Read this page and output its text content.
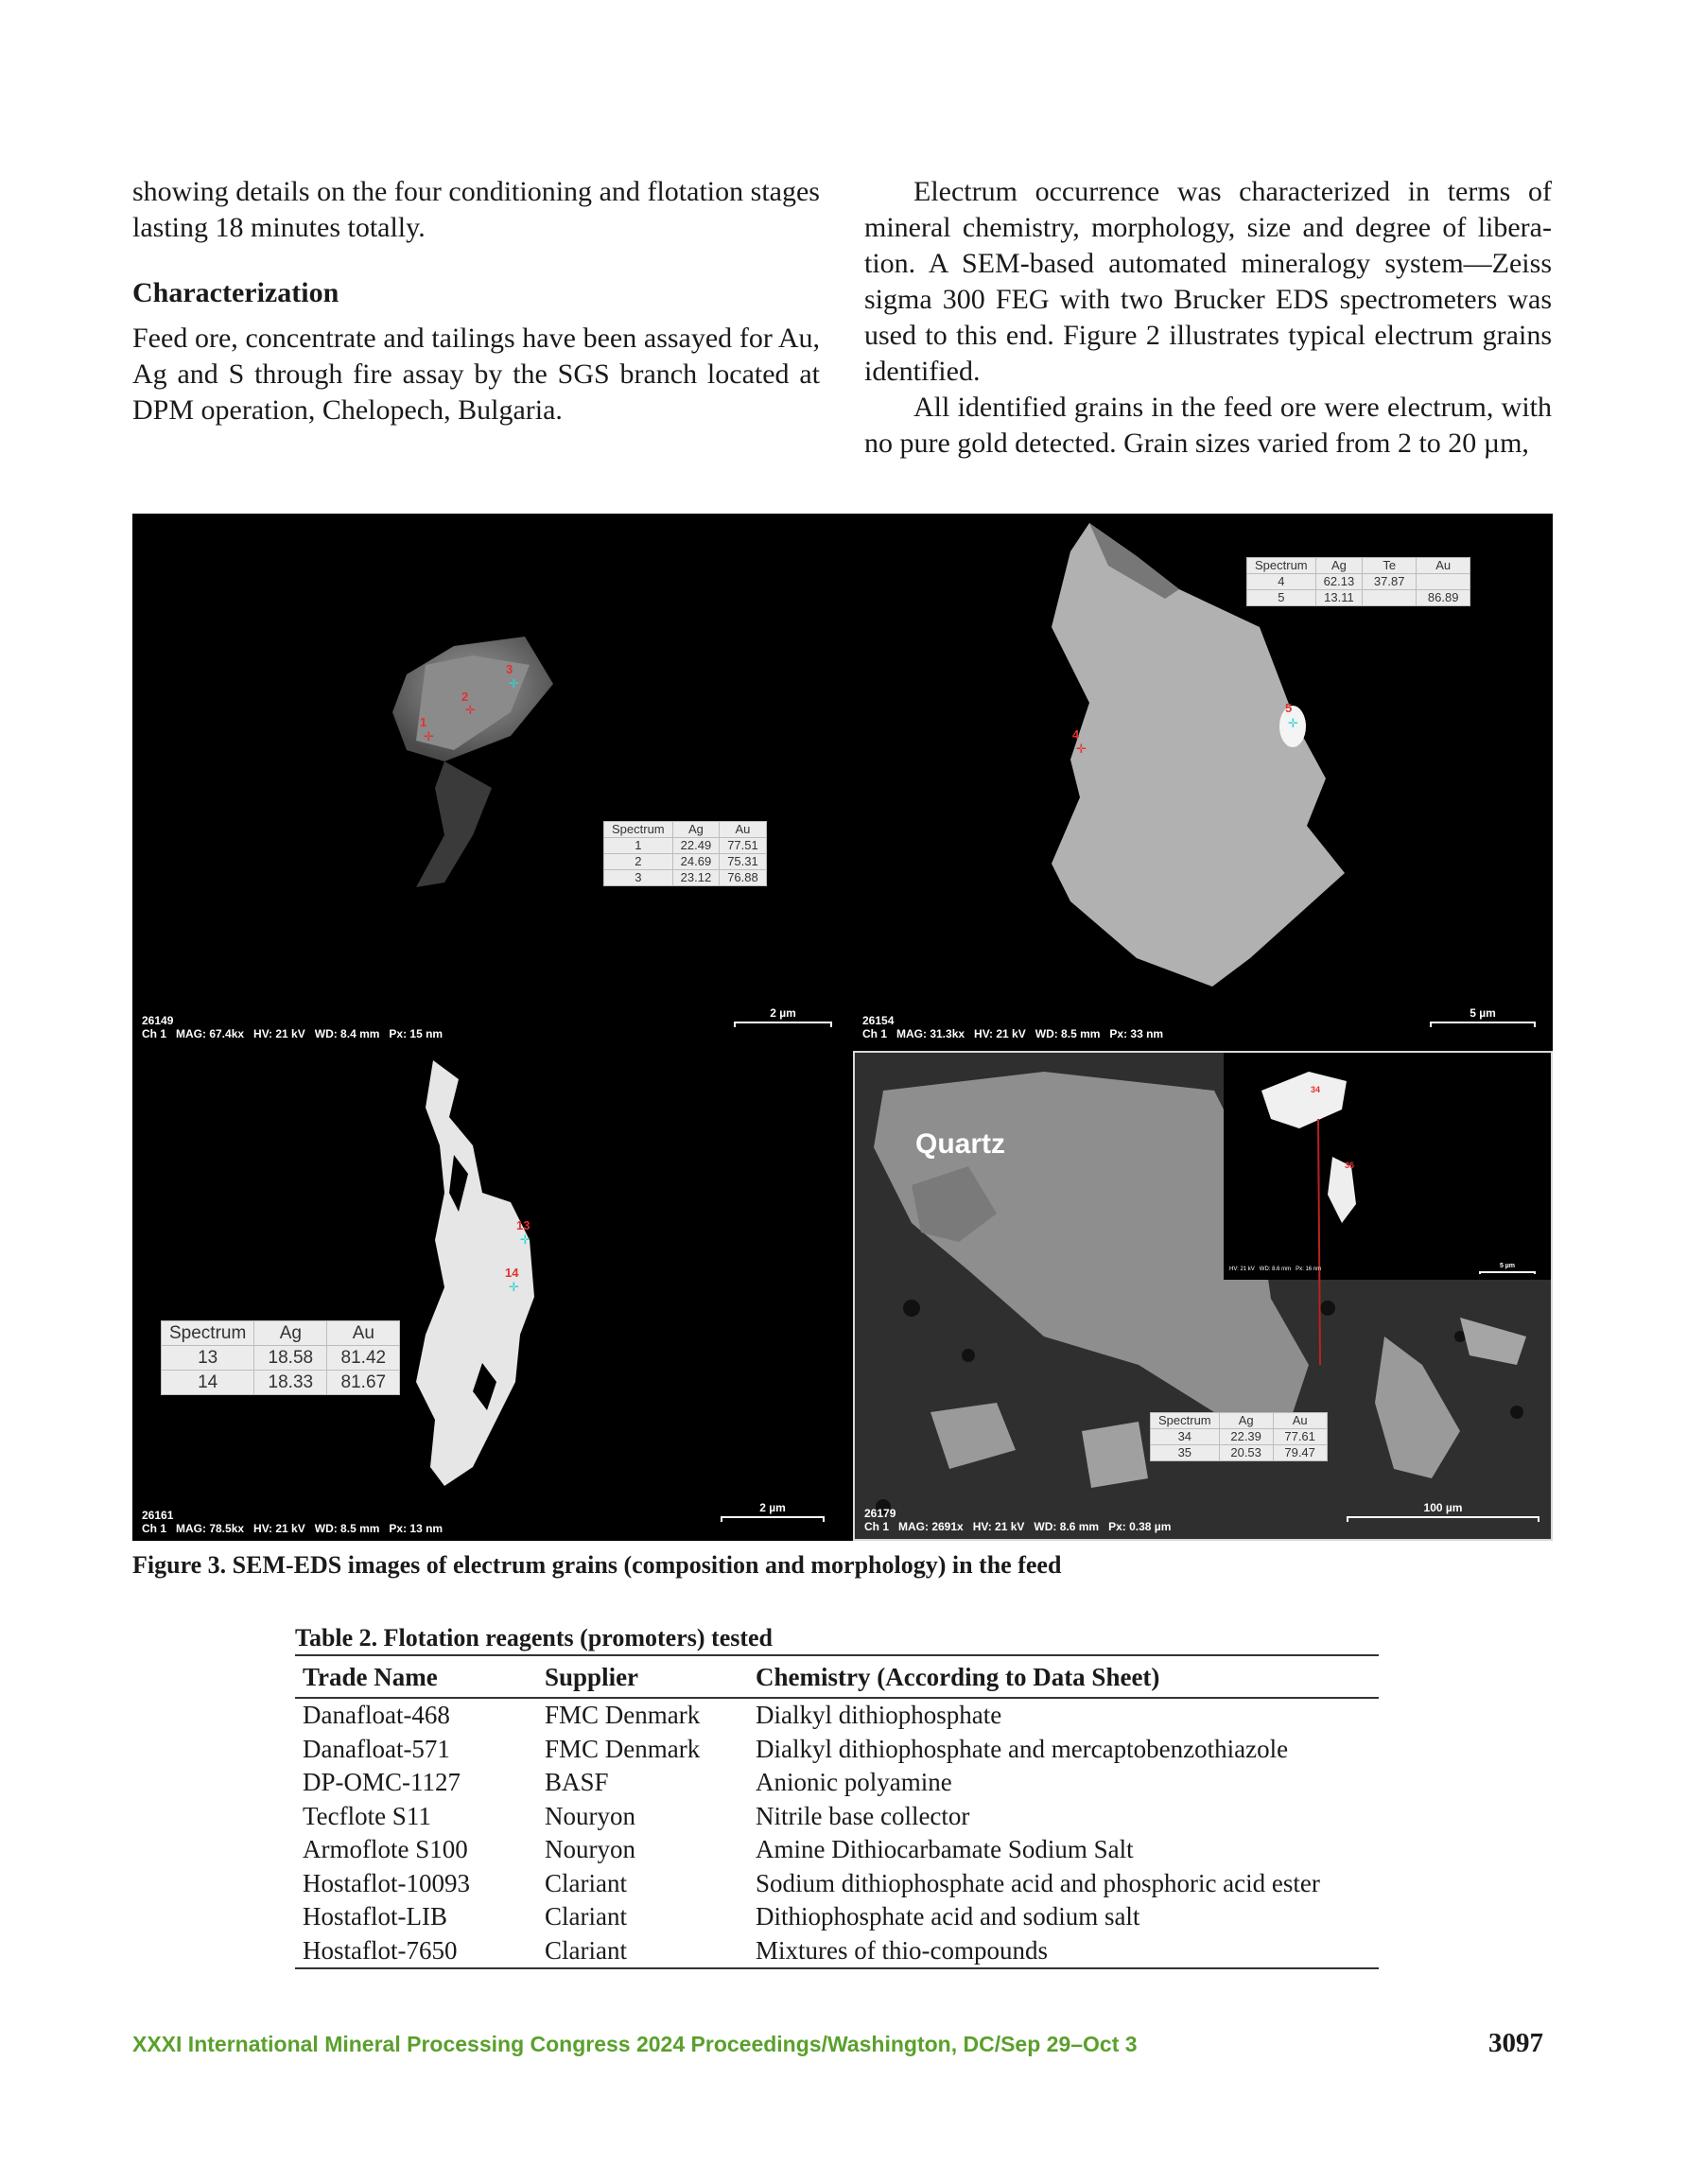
showing details on the four conditioning and flotation stages lasting 18 minutes totally.

Characterization

Feed ore, concentrate and tailings have been assayed for Au, Ag and S through fire assay by the SGS branch located at DPM operation, Chelopech, Bulgaria.

Electrum occurrence was characterized in terms of mineral chemistry, morphology, size and degree of liberation. A SEM-based automated mineralogy system—Zeiss sigma 300 FEG with two Brucker EDS spectrometers was used to this end. Figure 2 illustrates typical electrum grains identified.

All identified grains in the feed ore were electrum, with no pure gold detected. Grain sizes varied from 2 to 20 µm,

1
✛
2
✛
3
✛
Spectrum	Ag	Au
1	22.49	77.51
2	24.69	75.31
3	23.12	76.88
26149
Ch 1   MAG: 67.4kx   HV: 21 kV   WD: 8.4 mm   Px: 15 nm
2 µm
4
✛
5
✛
Spectrum	Ag	Te	Au
4	62.13	37.87	
5	13.11		86.89
26154
Ch 1   MAG: 31.3kx   HV: 21 kV   WD: 8.5 mm   Px: 33 nm
5 µm
13
✛
14
✛
Spectrum	Ag	Au
13	18.58	81.42
14	18.33	81.67
26161
Ch 1   MAG: 78.5kx   HV: 21 kV   WD: 8.5 mm   Px: 13 nm
2 µm
Quartz
34
35
HV: 21 kV   WD: 8.6 mm   Px: 16 nm	5 µm
Spectrum	Ag	Au
34	22.39	77.61
35	20.53	79.47
26179
Ch 1   MAG: 2691x   HV: 21 kV   WD: 8.6 mm   Px: 0.38 µm
100 µm
Figure 3. SEM-EDS images of electrum grains (composition and morphology) in the feed
Table 2. Flotation reagents (promoters) tested
Trade Name	Supplier	Chemistry (According to Data Sheet)
Danafloat-468	FMC Denmark	Dialkyl dithiophosphate
Danafloat-571	FMC Denmark	Dialkyl dithiophosphate and mercaptobenzothiazole
DP-OMC-1127	BASF	Anionic polyamine
Tecflote S11	Nouryon	Nitrile base collector
Armoflote S100	Nouryon	Amine Dithiocarbamate Sodium Salt
Hostaflot-10093	Clariant	Sodium dithiophosphate acid and phosphoric acid ester
Hostaflot-LIB	Clariant	Dithiophosphate acid and sodium salt
Hostaflot-7650	Clariant	Mixtures of thio-compounds
XXXI International Mineral Processing Congress 2024 Proceedings/Washington, DC/Sep 29–Oct 3	3097
